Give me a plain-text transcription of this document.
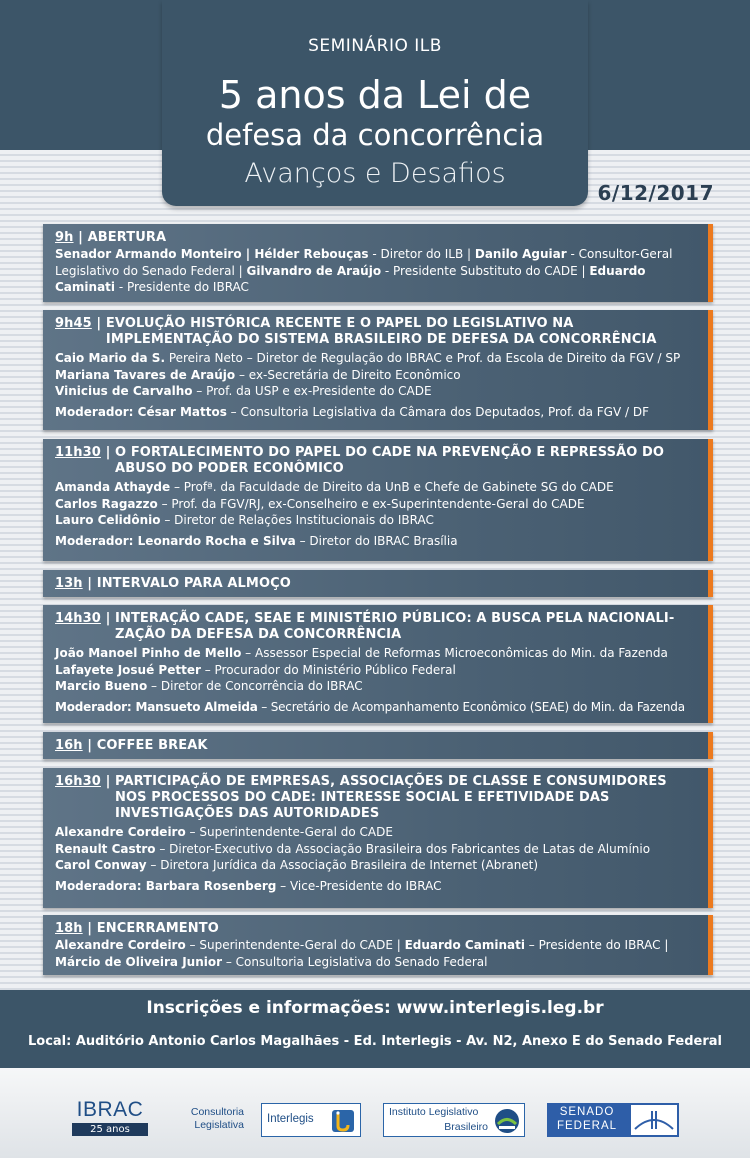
SEMINÁRIO ILB
5 anos da Lei de
defesa da concorrência
Avanços e Desafios
6/12/2017
9h | ABERTURA
Senador Armando Monteiro | Hélder Rebouças - Diretor do ILB | Danilo Aguiar - Consultor-Geral
Legislativo do Senado Federal | Gilvandro de Araújo - Presidente Substituto do CADE | Eduardo
Caminati - Presidente do IBRAC
9h45 | EVOLUÇÃO HISTÓRICA RECENTE E O PAPEL DO LEGISLATIVO NA IMPLEMENTAÇÃO DO SISTEMA BRASILEIRO DE DEFESA DA CONCORRÊNCIA
Caio Mario da S. Pereira Neto – Diretor de Regulação do IBRAC e Prof. da Escola de Direito da FGV / SP
Mariana Tavares de Araújo – ex-Secretária de Direito Econômico
Vinicius de Carvalho – Prof. da USP e ex-Presidente do CADE
Moderador: César Mattos – Consultoria Legislativa da Câmara dos Deputados, Prof. da FGV / DF
11h30 | O FORTALECIMENTO DO PAPEL DO CADE NA PREVENÇÃO E REPRESSÃO DO ABUSO DO PODER ECONÔMICO
Amanda Athayde – Profª. da Faculdade de Direito da UnB e Chefe de Gabinete SG do CADE
Carlos Ragazzo – Prof. da FGV/RJ, ex-Conselheiro e ex-Superintendente-Geral do CADE
Lauro Celidônio – Diretor de Relações Institucionais do IBRAC
Moderador: Leonardo Rocha e Silva – Diretor do IBRAC Brasília
13h | INTERVALO PARA ALMOÇO
14h30 | INTERAÇÃO CADE, SEAE E MINISTÉRIO PÚBLICO: A BUSCA PELA NACIONALI-ZAÇÃO DA DEFESA DA CONCORRÊNCIA
João Manoel Pinho de Mello – Assessor Especial de Reformas Microeconômicas do Min. da Fazenda
Lafayete Josué Petter – Procurador do Ministério Público Federal
Marcio Bueno – Diretor de Concorrência do IBRAC
Moderador: Mansueto Almeida – Secretário de Acompanhamento Econômico (SEAE) do Min. da Fazenda
16h | COFFEE BREAK
16h30 | PARTICIPAÇÃO DE EMPRESAS, ASSOCIAÇÕES DE CLASSE E CONSUMIDORES NOS PROCESSOS DO CADE: INTERESSE SOCIAL E EFETIVIDADE DAS INVESTIGAÇÕES DAS AUTORIDADES
Alexandre Cordeiro – Superintendente-Geral do CADE
Renault Castro – Diretor-Executivo da Associação Brasileira dos Fabricantes de Latas de Alumínio
Carol Conway – Diretora Jurídica da Associação Brasileira de Internet (Abranet)
Moderadora: Barbara Rosenberg – Vice-Presidente do IBRAC
18h | ENCERRAMENTO
Alexandre Cordeiro – Superintendente-Geral do CADE | Eduardo Caminati – Presidente do IBRAC |
Márcio de Oliveira Junior – Consultoria Legislativa do Senado Federal
Inscrições e informações: www.interlegis.leg.br
Local: Auditório Antonio Carlos Magalhães - Ed. Interlegis - Av. N2, Anexo E do Senado Federal
IBRAC
25 anos
Consultoria
Legislativa Interlegis
Instituto Legislativo
Brasileiro
SENADO
FEDERAL
